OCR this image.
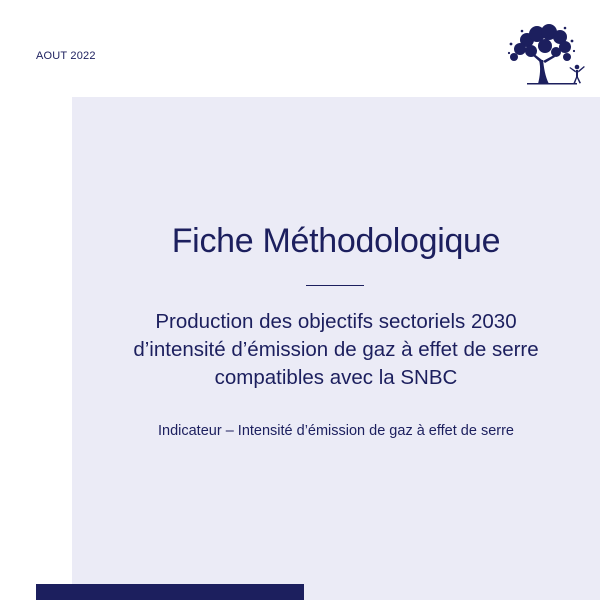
AOUT 2022
Fiche Méthodologique
Production des objectifs sectoriels 2030
d’intensité d’émission de gaz à effet de serre
compatibles avec la SNBC
Indicateur – Intensité d’émission de gaz à effet de serre
